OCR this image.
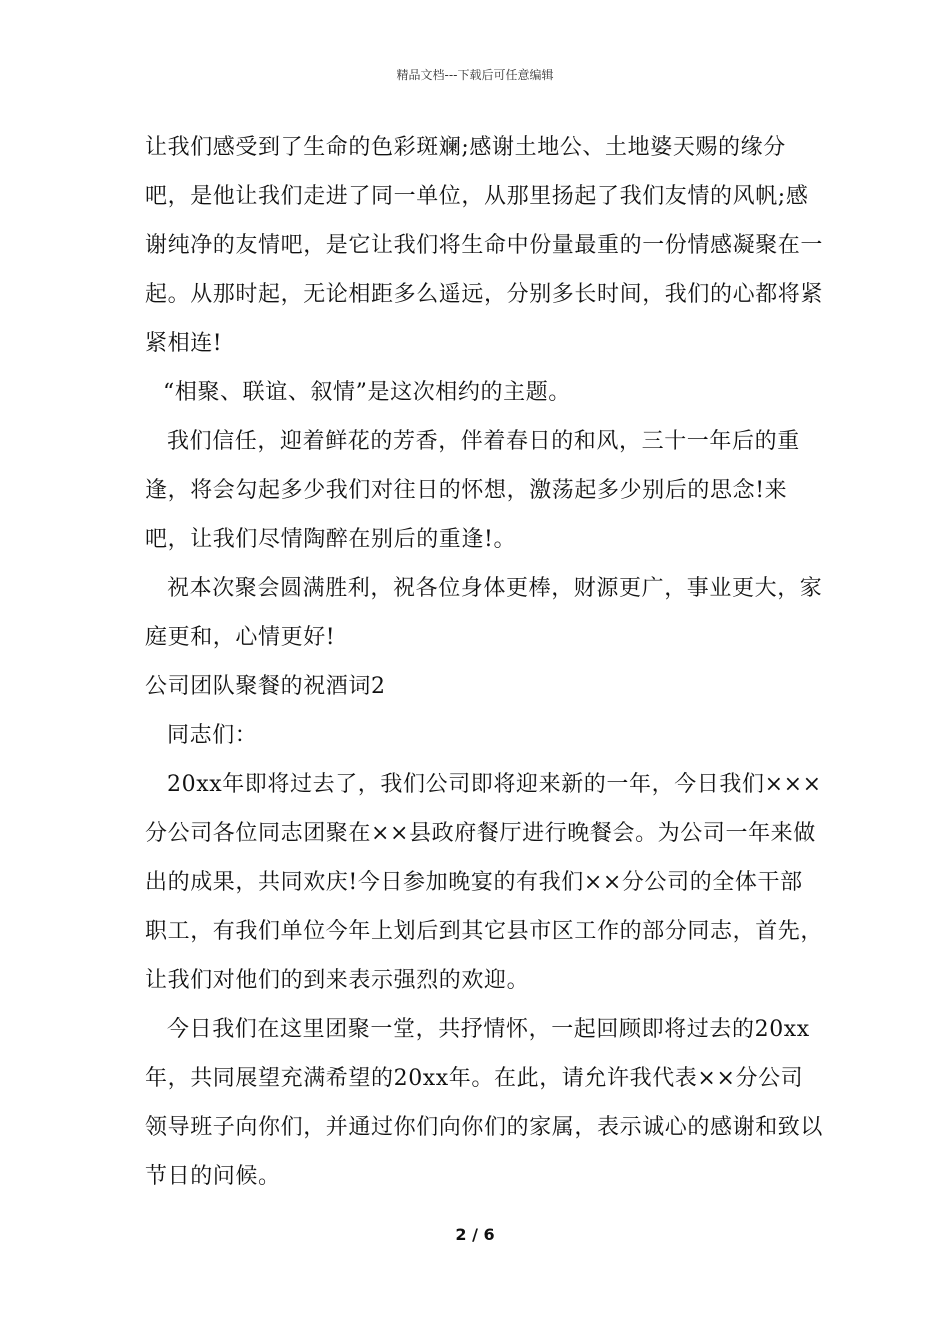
精品文档---下载后可任意编辑

让我们感受到了生命的色彩斑斓;感谢土地公、土地婆天赐的缘分吧，是他让我们走进了同一单位，从那里扬起了我们友情的风帆;感谢纯净的友情吧，是它让我们将生命中份量最重的一份情感凝聚在一起。从那时起，无论相距多么遥远，分别多长时间，我们的心都将紧紧相连!

“相聚、联谊、叙情”是这次相约的主题。

我们信任，迎着鲜花的芳香，伴着春日的和风，三十一年后的重逢，将会勾起多少我们对往日的怀想，激荡起多少别后的思念!来吧，让我们尽情陶醉在别后的重逢!。

祝本次聚会圆满胜利，祝各位身体更棒，财源更广，事业更大，家庭更和，心情更好!

公司团队聚餐的祝酒词2

同志们：

20xx年即将过去了，我们公司即将迎来新的一年，今日我们×××分公司各位同志团聚在××县政府餐厅进行晚餐会。为公司一年来做出的成果，共同欢庆!今日参加晚宴的有我们××分公司的全体干部职工，有我们单位今年上划后到其它县市区工作的部分同志，首先，让我们对他们的到来表示强烈的欢迎。

今日我们在这里团聚一堂，共抒情怀，一起回顾即将过去的20xx年，共同展望充满希望的20xx年。在此，请允许我代表××分公司领导班子向你们，并通过你们向你们的家属，表示诚心的感谢和致以节日的问候。

2 / 6
